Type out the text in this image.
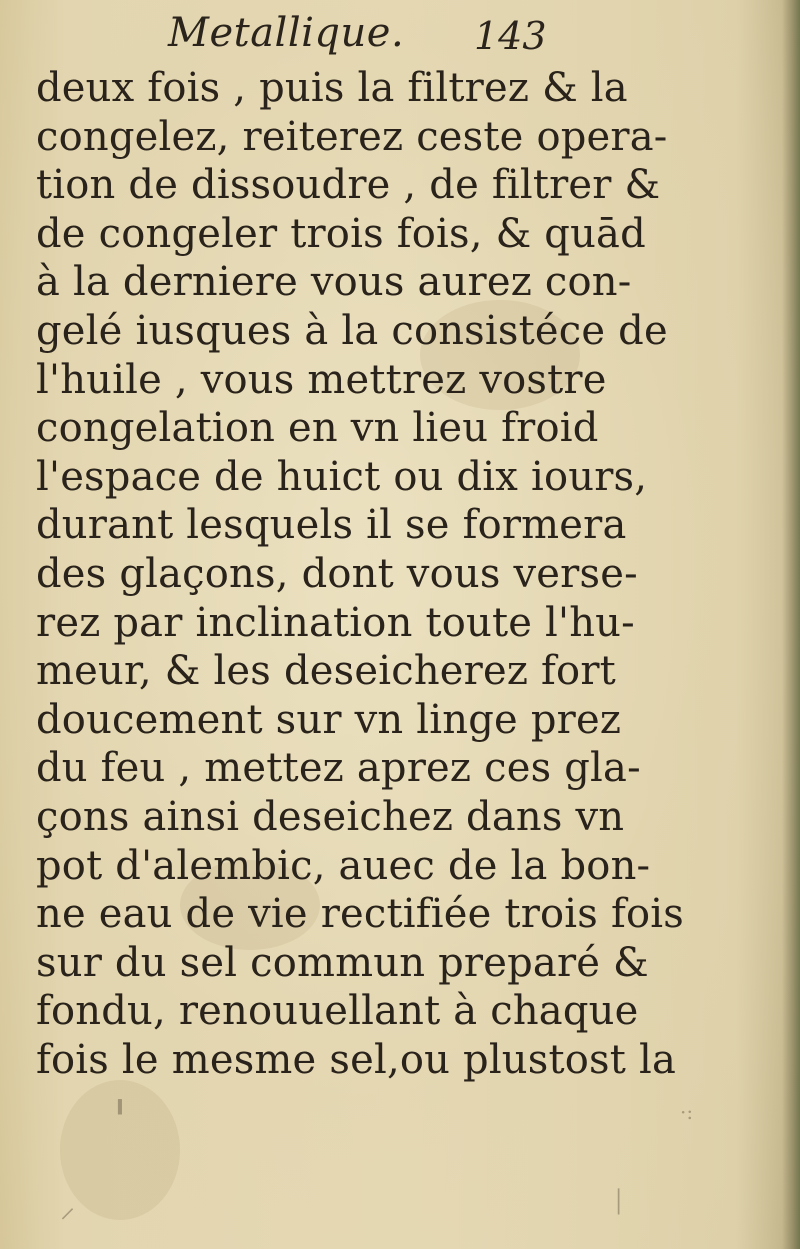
Metallique. 143
deux fois , puis la filtrez & la
congelez, reiterez ceste opera-
tion de dissoudre , de filtrer &
de congeler trois fois, & quād
à la derniere vous aurez con-
gelé iusques à la consistéce de
l'huile , vous mettrez vostre
congelation en vn lieu froid
l'espace de huict ou dix iours,
durant lesquels il se formera
des glaçons, dont vous verse-
rez par inclination toute l'hu-
meur, & les deseicherez fort
doucement sur vn linge prez
du feu , mettez aprez ces gla-
çons ainsi deseichez dans vn
pot d'alembic, auec de la bon-
ne eau de vie rectifiée trois fois
sur du sel commun preparé &
fondu, renouuellant à chaque
fois le mesme sel,ou plustost la
╻
⸝
·:
│
